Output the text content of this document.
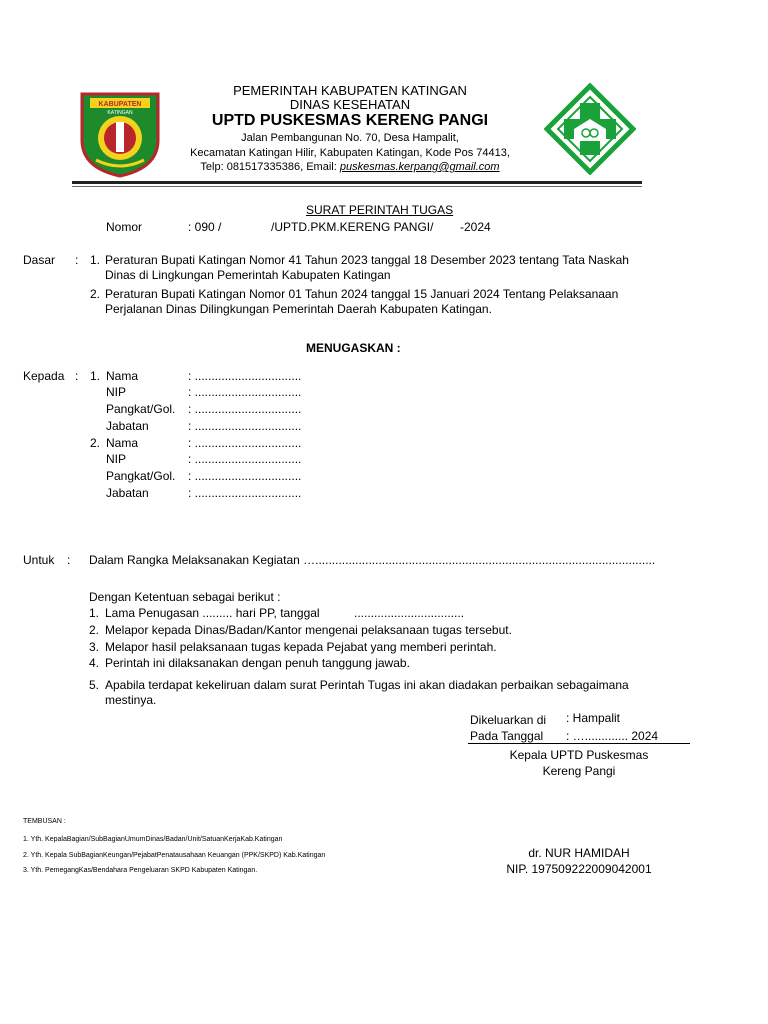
KABUPATEN
KATINGAN
PEMERINTAH KABUPATEN KATINGAN
DINAS KESEHATAN
UPTD PUSKESMAS KERENG PANGI
Jalan Pembangunan No. 70, Desa Hampalit,
Kecamatan Katingan Hilir, Kabupaten Katingan, Kode Pos 74413,
Telp: 081517335386, Email: puskesmas.kerpang@gmail.com
SURAT PERINTAH TUGAS
Nomor	: 090 /	/UPTD.PKM.KERENG PANGI/ -2024
Dasar : 1. Peraturan Bupati Katingan Nomor 41 Tahun 2023 tanggal 18 Desember 2023 tentang Tata Naskah
Dinas di Lingkungan Pemerintah Kabupaten Katingan
2. Peraturan Bupati Katingan Nomor 01 Tahun 2024 tanggal 15 Januari 2024 Tentang Pelaksanaan
Perjalanan Dinas Dilingkungan Pemerintah Daerah Kabupaten Katingan.
MENUGASKAN :
Kepada : 1. Nama	: ................................
NIP	: ................................
Pangkat/Gol. : ................................
Jabatan	: ................................
2. Nama	: ................................
NIP	: ................................
Pangkat/Gol. : ................................
Jabatan	: ................................
Untuk : Dalam Rangka Melaksanakan Kegiatan …......................................................................................................
Dengan Ketentuan sebagai berikut :
1. Lama Penugasan ......... hari PP, tanggal	.................................
2. Melapor kepada Dinas/Badan/Kantor mengenai pelaksanaan tugas tersebut.
3. Melapor hasil pelaksanaan tugas kepada Pejabat yang memberi perintah.
4. Perintah ini dilaksanakan dengan penuh tanggung jawab.
5. Apabila terdapat kekeliruan dalam surat Perintah Tugas ini akan diadakan perbaikan sebagaimana
mestinya.
Dikeluarkan di : Hampalit
Pada Tanggal : …............. 2024
Kepala UPTD Puskesmas
Kereng Pangi
dr. NUR HAMIDAH
NIP. 197509222009042001
TEMBUSAN :
1. Yth. KepalaBagian/SubBagianUmumDinas/Badan/Unit/SatuanKerjaKab.Katingan
2. Yth. Kepala SubBagianKeungan/PejabatPenatausahaan Keuangan (PPK/SKPD) Kab.Katingan
3. Yth. PemegangKas/Bendahara Pengeluaran SKPD Kabupaten Katingan.
